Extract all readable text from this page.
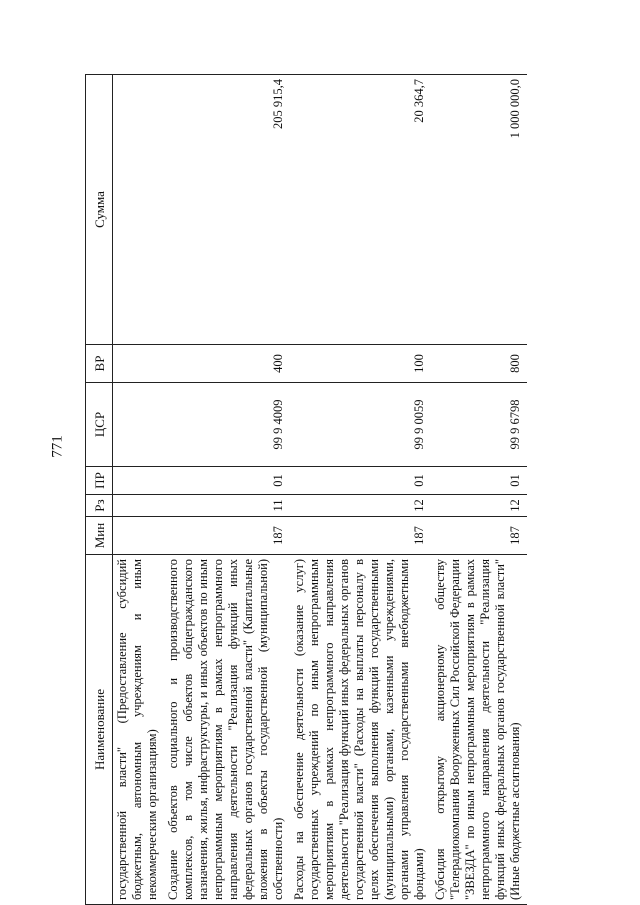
771
Наименование	Мин	Рз	ПР	ЦСР	ВР	Сумма
государственной власти" (Предоставление субсидий бюджетным, автономным учреждениям и иным некоммерческим организациям)						
Создание объектов социального и производственного комплексов, в том числе объектов общегражданского назначения, жилья, инфраструктуры, и иных объектов по иным непрограммным мероприятиям в рамках непрограммного направления деятельности "Реализация функций иных федеральных органов государственной власти" (Капитальные вложения в объекты государственной (муниципальной) собственности)	187	11	01	99 9 4009	400	205 915,4
Расходы на обеспечение деятельности (оказание услуг) государственных учреждений по иным непрограммным мероприятиям в рамках непрограммного направления деятельности "Реализация функций иных федеральных органов государственной власти" (Расходы на выплаты персоналу в целях обеспечения выполнения функций государственными (муниципальными) органами, казенными учреждениями, органами управления государственными внебюджетными фондами)	187	12	01	99 9 0059	100	20 364,7
Субсидия открытому акционерному обществу "Телерадиокомпания Вооруженных Сил Российской Федерации "ЗВЕЗДА" по иным непрограммным мероприятиям в рамках непрограммного направления деятельности "Реализация функций иных федеральных органов государственной власти" (Иные бюджетные ассигнования)	187	12	01	99 9 6798	800	1 000 000,0
